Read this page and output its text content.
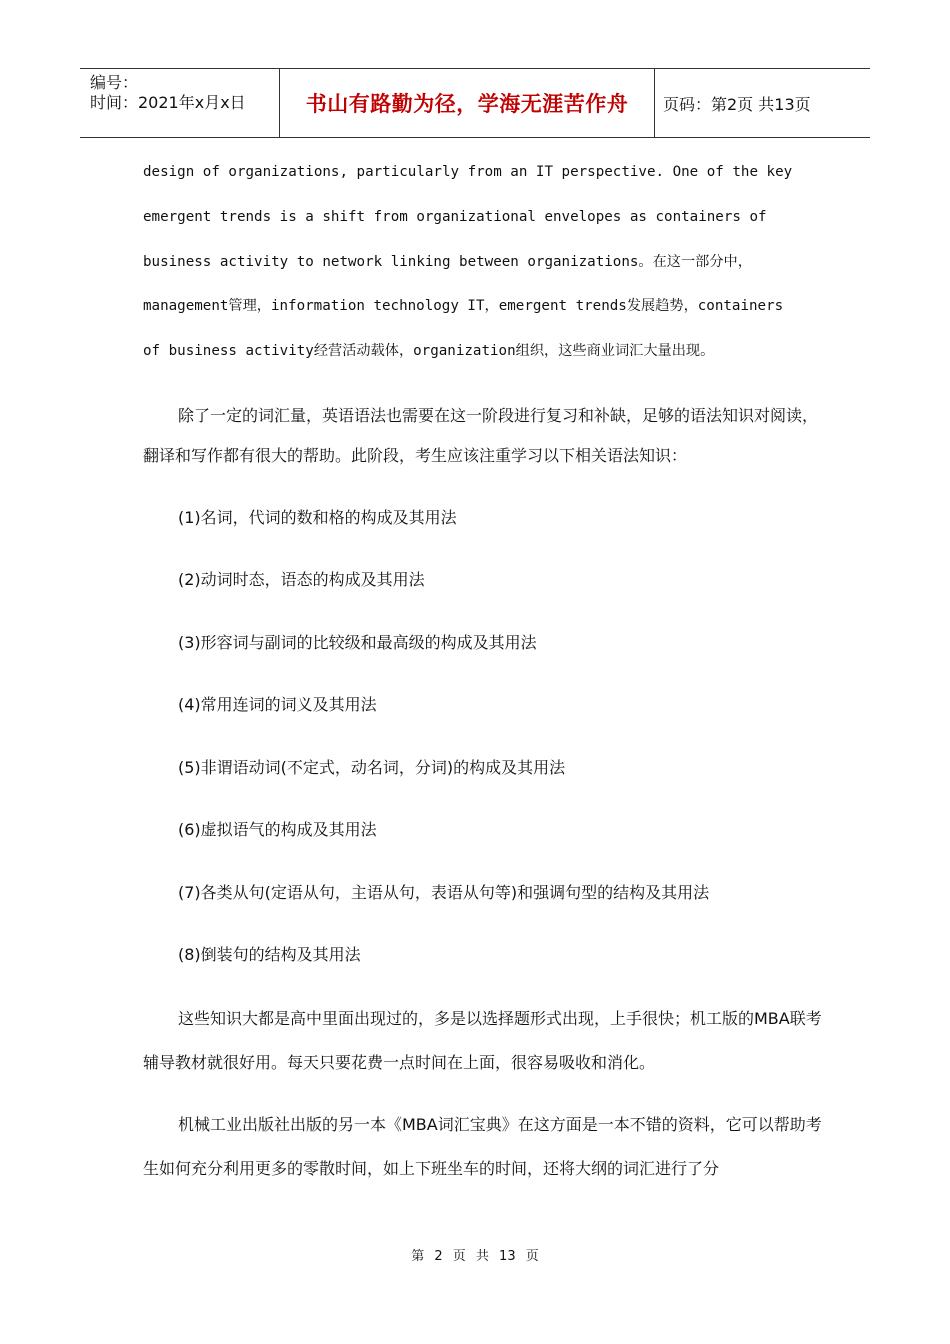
编号：
时间：2021年x月x日	书山有路勤为径，学海无涯苦作舟	页码：第2页 共13页

design of organizations, particularly from an IT perspective. One of the key

emergent trends is a shift from organizational envelopes as containers of

business activity to network linking between organizations。在这一部分中，

management管理，information technology IT，emergent trends发展趋势，containers

of business activity经营活动载体，organization组织，这些商业词汇大量出现。

除了一定的词汇量，英语语法也需要在这一阶段进行复习和补缺，足够的语法知识对阅读，翻译和写作都有很大的帮助。此阶段，考生应该注重学习以下相关语法知识：

(1)名词，代词的数和格的构成及其用法

(2)动词时态，语态的构成及其用法

(3)形容词与副词的比较级和最高级的构成及其用法

(4)常用连词的词义及其用法

(5)非谓语动词(不定式，动名词，分词)的构成及其用法

(6)虚拟语气的构成及其用法

(7)各类从句(定语从句，主语从句，表语从句等)和强调句型的结构及其用法

(8)倒装句的结构及其用法

这些知识大都是高中里面出现过的，多是以选择题形式出现，上手很快；机工版的MBA联考辅导教材就很好用。每天只要花费一点时间在上面，很容易吸收和消化。

机械工业出版社出版的另一本《MBA词汇宝典》在这方面是一本不错的资料，它可以帮助考生如何充分利用更多的零散时间，如上下班坐车的时间，还将大纲的词汇进行了分

第 2 页 共 13 页
